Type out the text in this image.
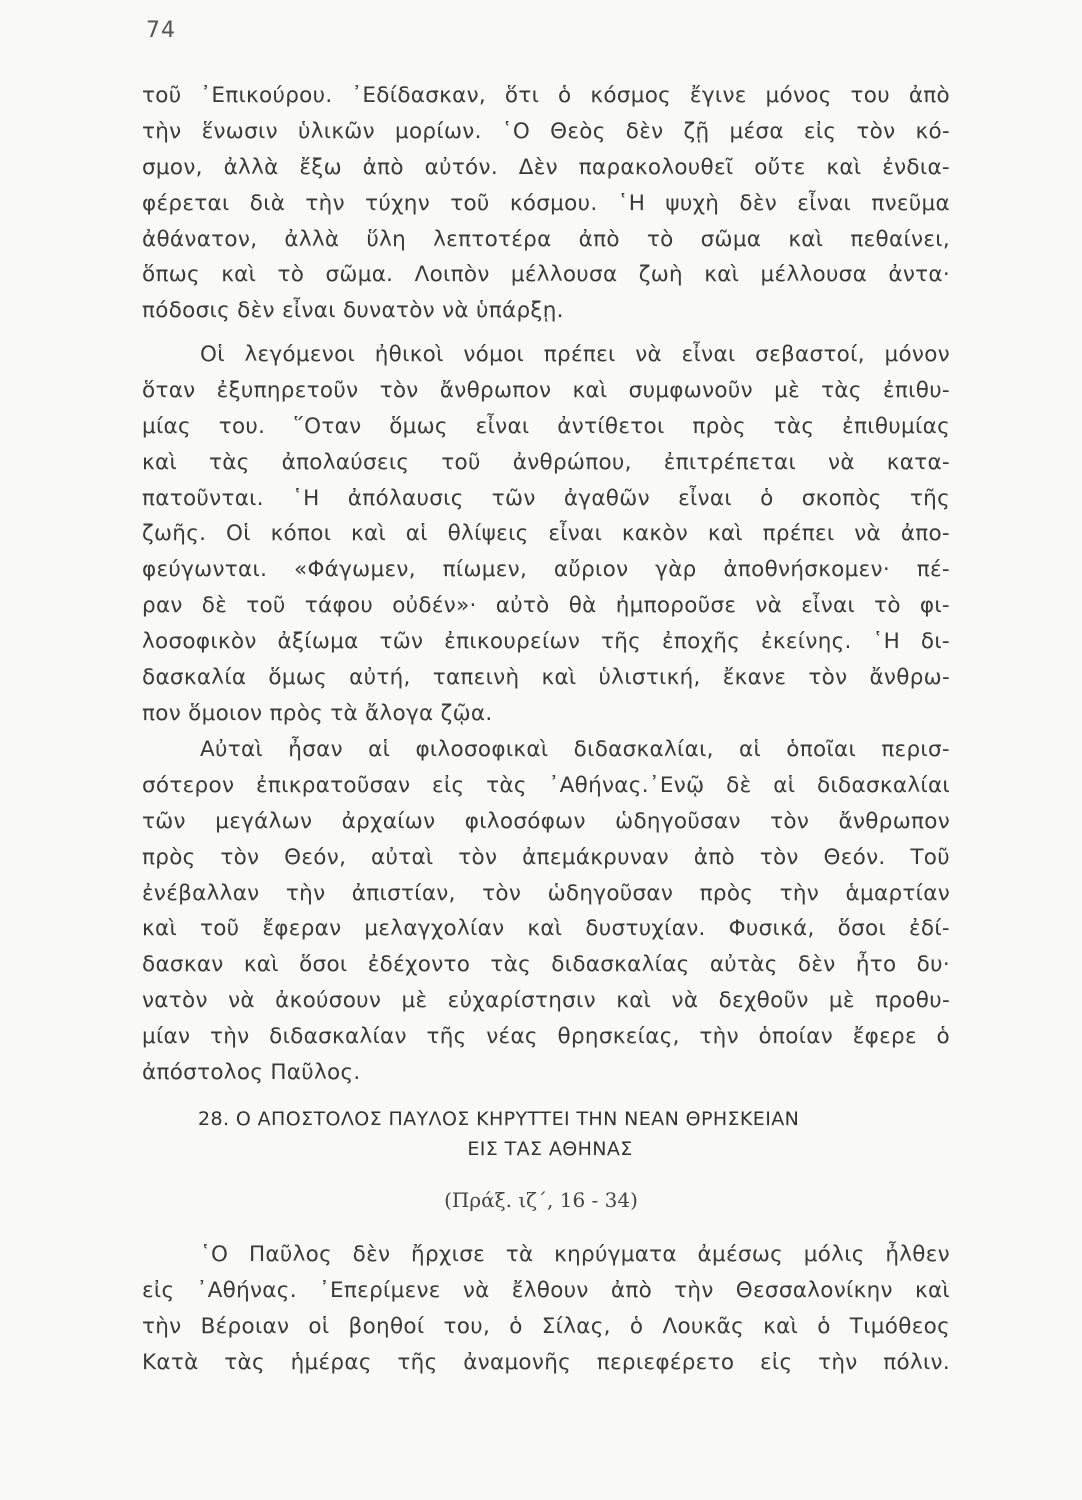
74
τοῦ ᾿Επικούρου. ᾿Εδίδασκαν, ὅτι ὁ κόσμος ἔγινε μόνος του ἀπὸ
τὴν ἕνωσιν ὑλικῶν μορίων. ῾Ο Θεὸς δὲν ζῇ μέσα εἰς τὸν κό-
σμον, ἀλλὰ ἔξω ἀπὸ αὐτόν. Δὲν παρακολουθεῖ οὔτε καὶ ἐνδια-
φέρεται διὰ τὴν τύχην τοῦ κόσμου. ῾Η ψυχὴ δὲν εἶναι πνεῦμα
ἀθάνατον, ἀλλὰ ὕλη λεπτοτέρα ἀπὸ τὸ σῶμα καὶ πεθαίνει,
ὅπως καὶ τὸ σῶμα. Λοιπὸν μέλλουσα ζωὴ καὶ μέλλουσα ἀντα·
πόδοσις δὲν εἶναι δυνατὸν νὰ ὑπάρξῃ.
Οἱ λεγόμενοι ἠθικοὶ νόμοι πρέπει νὰ εἶναι σεβαστοί, μόνον
ὅταν ἐξυπηρετοῦν τὸν ἄνθρωπον καὶ συμφωνοῦν μὲ τὰς ἐπιθυ-
μίας του. ῞Οταν ὅμως εἶναι ἀντίθετοι πρὸς τὰς ἐπιθυμίας
καὶ τὰς ἀπολαύσεις τοῦ ἀνθρώπου, ἐπιτρέπεται νὰ κατα-
πατοῦνται. ῾Η ἀπόλαυσις τῶν ἀγαθῶν εἶναι ὁ σκοπὸς τῆς
ζωῆς. Οἱ κόποι καὶ αἱ θλίψεις εἶναι κακὸν καὶ πρέπει νὰ ἀπο-
φεύγωνται. «Φάγωμεν, πίωμεν, αὔριον γὰρ ἀποθνήσκομεν· πέ-
ραν δὲ τοῦ τάφου οὐδέν»· αὐτὸ θὰ ἠμποροῦσε νὰ εἶναι τὸ φι-
λοσοφικὸν ἀξίωμα τῶν ἐπικουρείων τῆς ἐποχῆς ἐκείνης. ῾Η δι-
δασκαλία ὅμως αὐτή, ταπεινὴ καὶ ὑλιστική, ἔκανε τὸν ἄνθρω-
πον ὅμοιον πρὸς τὰ ἄλογα ζῷα.
Αὐταὶ ἦσαν αἱ φιλοσοφικαὶ διδασκαλίαι, αἱ ὁποῖαι περισ-
σότερον ἐπικρατοῦσαν εἰς τὰς ᾿Αθήνας.᾿Ενῷ δὲ αἱ διδασκαλίαι
τῶν μεγάλων ἀρχαίων φιλοσόφων ὡδηγοῦσαν τὸν ἄνθρωπον
πρὸς τὸν Θεόν, αὐταὶ τὸν ἀπεμάκρυναν ἀπὸ τὸν Θεόν. Τοῦ
ἐνέβαλλαν τὴν ἀπιστίαν, τὸν ὡδηγοῦσαν πρὸς τὴν ἁμαρτίαν
καὶ τοῦ ἔφεραν μελαγχολίαν καὶ δυστυχίαν. Φυσικά, ὅσοι ἐδί-
δασκαν καὶ ὅσοι ἐδέχοντο τὰς διδασκαλίας αὐτὰς δὲν ἦτο δυ·
νατὸν νὰ ἀκούσουν μὲ εὐχαρίστησιν καὶ νὰ δεχθοῦν μὲ προθυ-
μίαν τὴν διδασκαλίαν τῆς νέας θρησκείας, τὴν ὁποίαν ἔφερε ὁ
ἀπόστολος Παῦλος.
28. Ο ΑΠΟΣΤΟΛΟΣ ΠΑΥΛΟΣ ΚΗΡΥΤΤΕΙ ΤΗΝ ΝΕΑΝ ΘΡΗΣΚΕΙΑΝ
ΕΙΣ ΤΑΣ ΑΘΗΝΑΣ
(Πράξ. ιζ΄, 16 - 34)
῾Ο Παῦλος δὲν ἤρχισε τὰ κηρύγματα ἀμέσως μόλις ἦλθεν
εἰς ᾿Αθήνας. ᾿Επερίμενε νὰ ἔλθουν ἀπὸ τὴν Θεσσαλονίκην καὶ
τὴν Βέροιαν οἱ βοηθοί του, ὁ Σίλας, ὁ Λουκᾶς καὶ ὁ Τιμόθεος
Κατὰ τὰς ἡμέρας τῆς ἀναμονῆς περιεφέρετο εἰς τὴν πόλιν.
